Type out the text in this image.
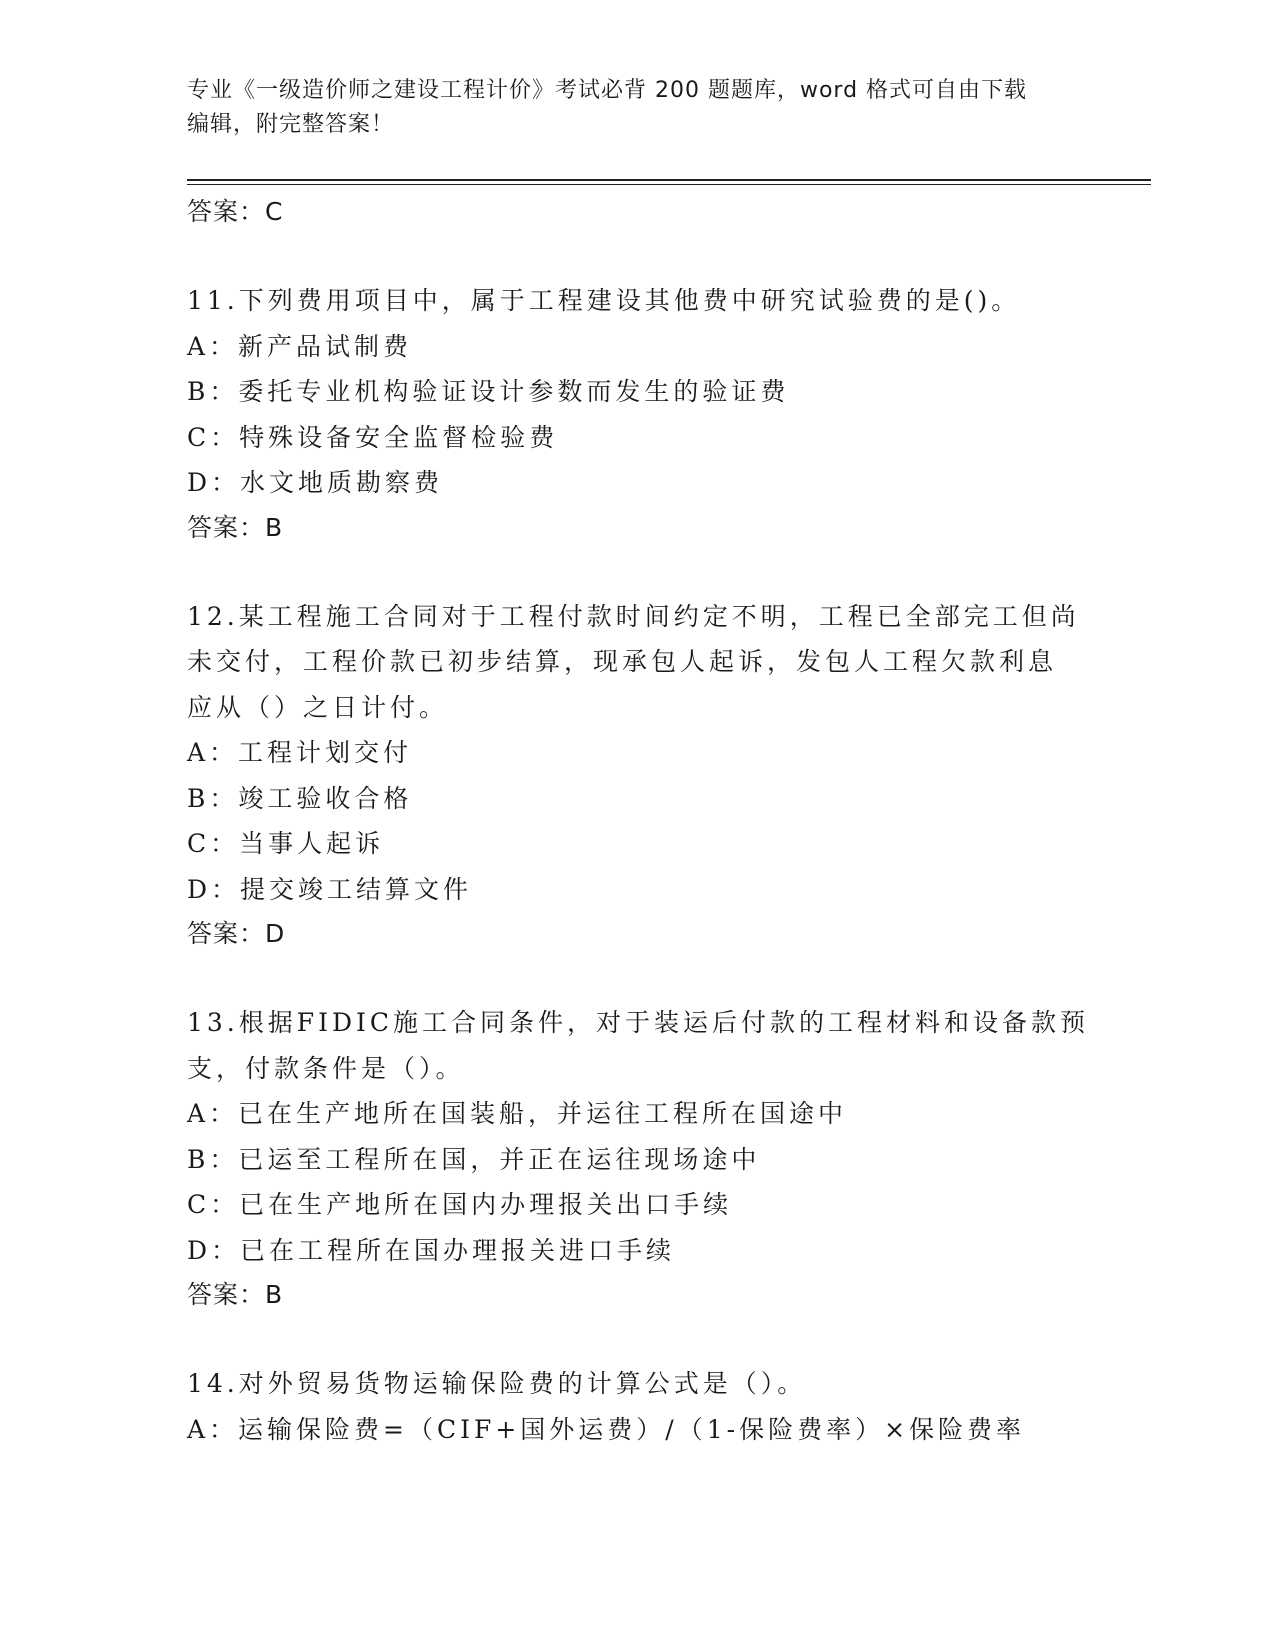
专业《一级造价师之建设工程计价》考试必背 200 题题库，word 格式可自由下载
编辑，附完整答案！
答案：C
11.下列费用项目中，属于工程建设其他费中研究试验费的是()。
A：新产品试制费
B：委托专业机构验证设计参数而发生的验证费
C：特殊设备安全监督检验费
D：水文地质勘察费
答案：B
12.某工程施工合同对于工程付款时间约定不明，工程已全部完工但尚
未交付，工程价款已初步结算，现承包人起诉，发包人工程欠款利息
应从（）之日计付。
A：工程计划交付
B：竣工验收合格
C：当事人起诉
D：提交竣工结算文件
答案：D
13.根据FIDIC施工合同条件，对于装运后付款的工程材料和设备款预
支，付款条件是（）。
A：已在生产地所在国装船，并运往工程所在国途中
B：已运至工程所在国，并正在运往现场途中
C：已在生产地所在国内办理报关出口手续
D：已在工程所在国办理报关进口手续
答案：B
14.对外贸易货物运输保险费的计算公式是（）。
A：运输保险费=（CIF+国外运费）/（1-保险费率）×保险费率
